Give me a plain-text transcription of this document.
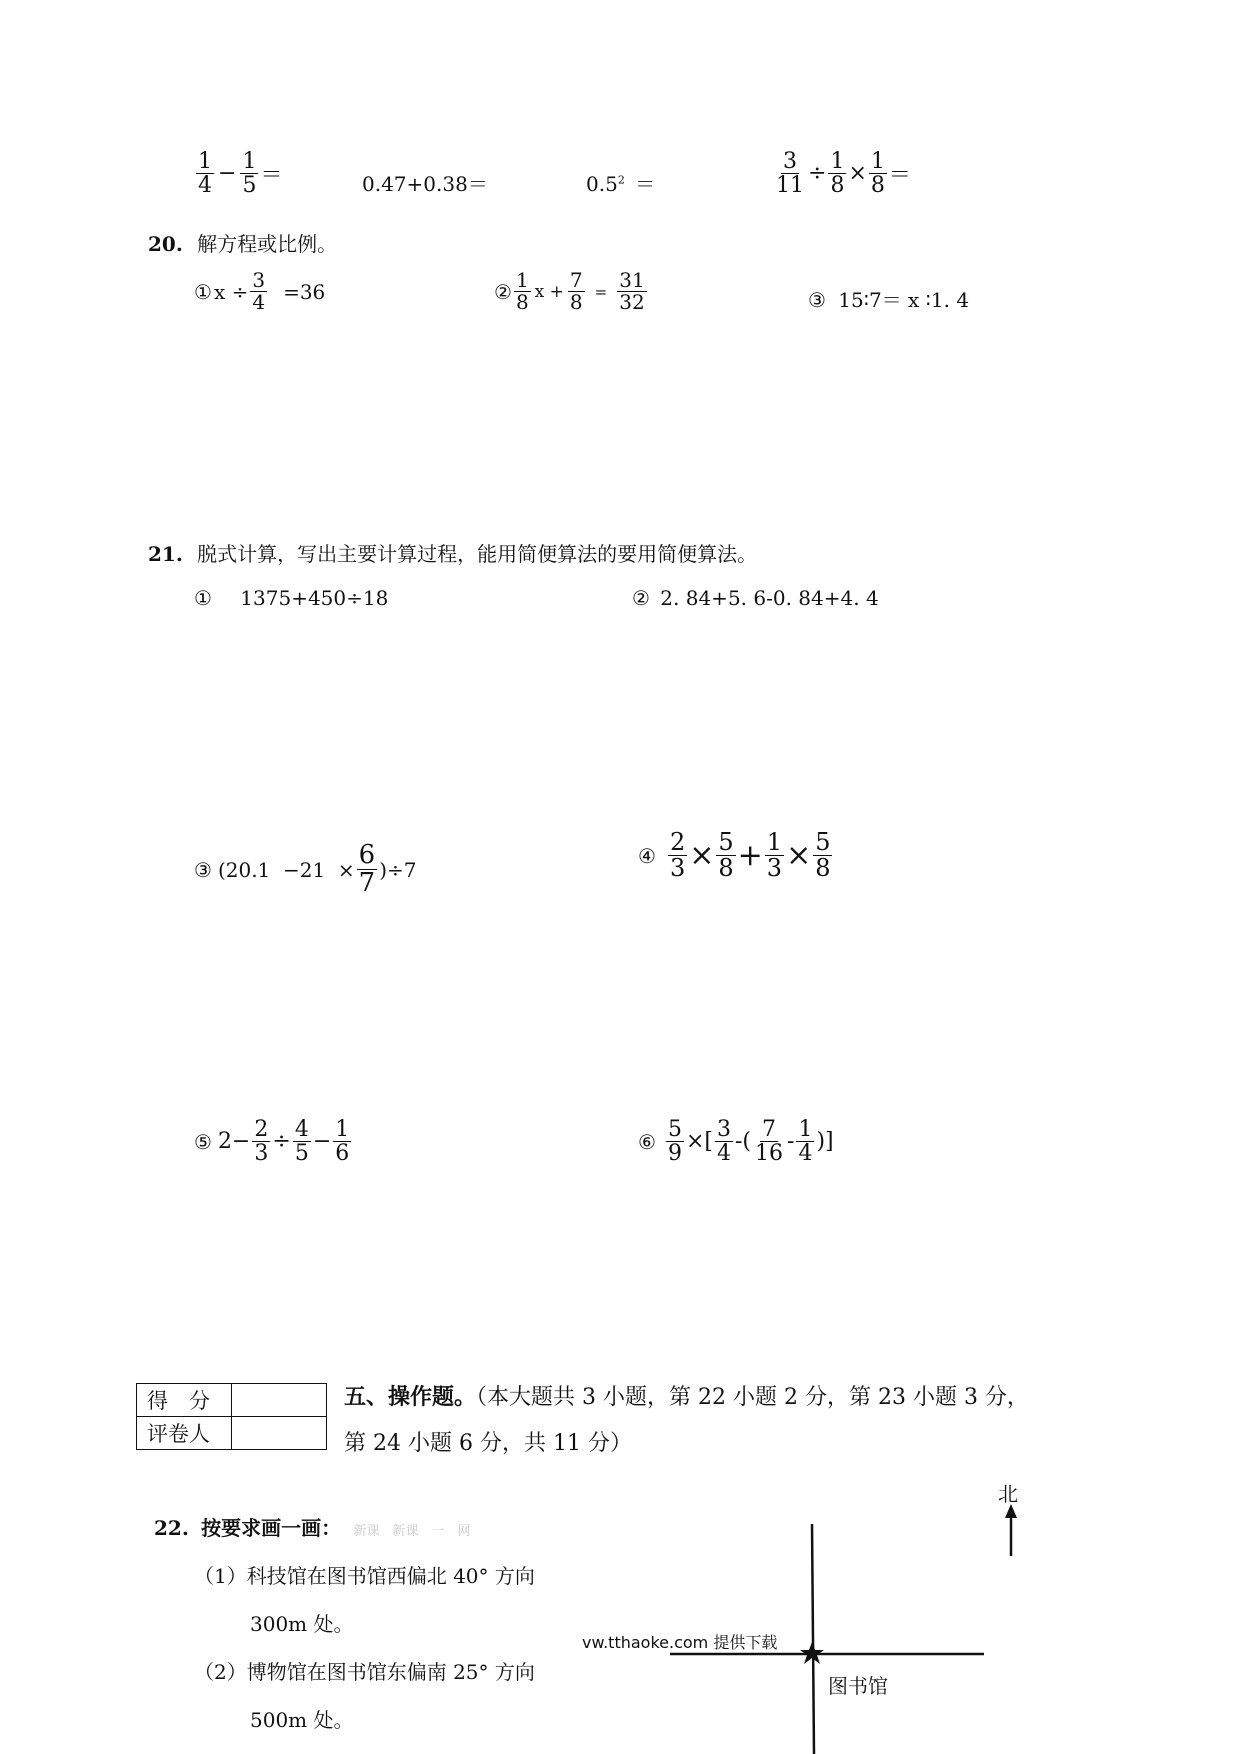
$\frac{1}{4} - \frac{1}{5}$ ＝	0.47+0.38＝	$0.5^2$ ＝	$\frac{3}{11} \div \frac{1}{8} \times \frac{1}{8}$ ＝
20. 解方程或比例。
① $x \div \frac{3}{4} =36$	② $\frac{1}{8}$ $x + \frac{7}{8} = \frac{31}{32}$	③ 15∶7＝ x ∶1. 4
21. 脱式计算，写出主要计算过程，能用简便算法的要用简便算法。
① 1375+450÷18	② 2. 84+5. 6-0. 84+4. 4
③ $(20.1 -21 \times \frac{6}{7} )\div 7$
④ $\frac{2}{3} \times \frac{5}{8} + \frac{1}{3} \times \frac{5}{8}$
⑤ $2- \frac{2}{3} \div \frac{4}{5} - \frac{1}{6}$	⑥ $\frac{5}{9}$ ×[ $\frac{3}{4}$ -( $\frac{7}{16} - \frac{1}{4}$ )]
得　分	
评卷人	
五、操作题。（本大题共 3 小题，第 22 小题 2 分，第 23 小题 3 分，
第 24 小题 6 分，共 11 分）
22. 按要求画一画： 新课　新课　一　网
（1）科技馆在图书馆西偏北 40° 方向
300m 处。
（2）博物馆在图书馆东偏南 25° 方向
500m 处。
北
vw.tthaoke.com 提供下载
图书馆
